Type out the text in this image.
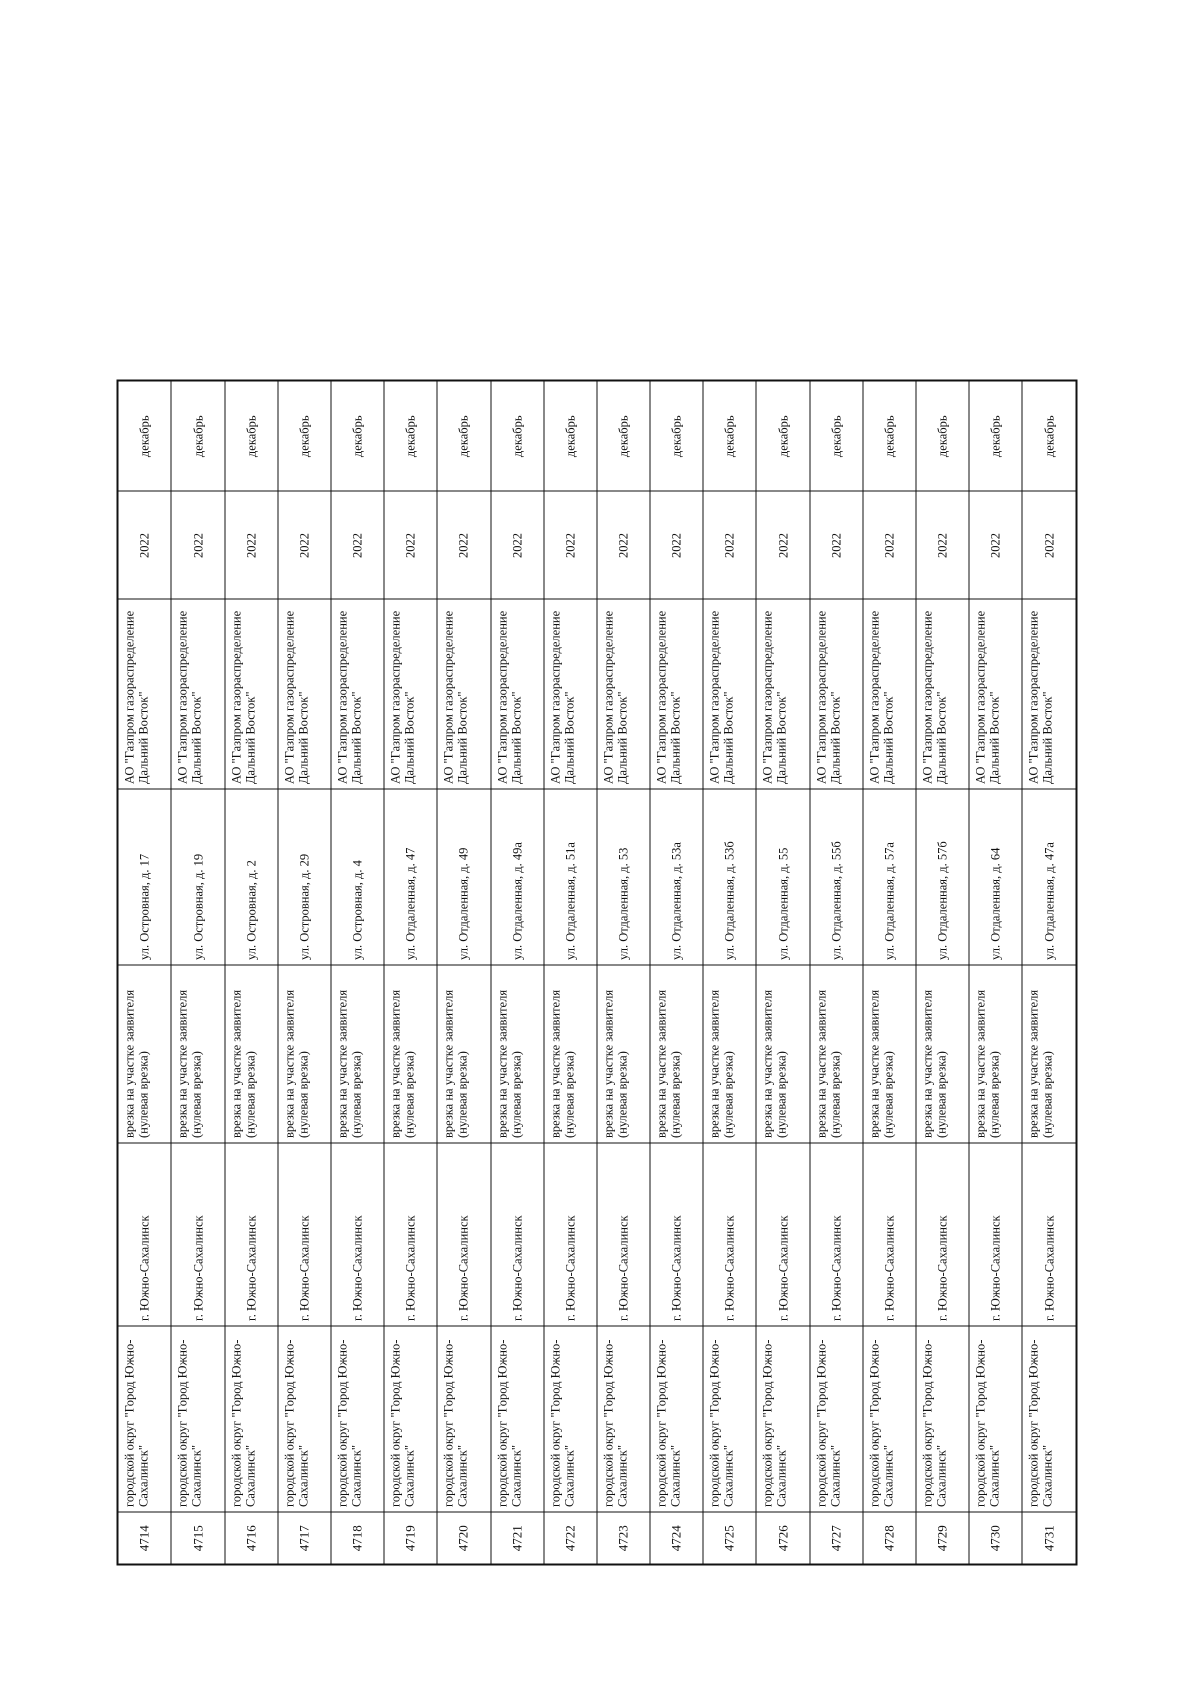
4714	городской округ "Город Южно-Сахалинск"	г. Южно-Сахалинск	врезка на участке заявителя (нулевая врезка)	ул. Островная, д. 17	АО "Газпром газораспределение Дальний Восток"	2022	декабрь
4715	городской округ "Город Южно-Сахалинск"	г. Южно-Сахалинск	врезка на участке заявителя (нулевая врезка)	ул. Островная, д. 19	АО "Газпром газораспределение Дальний Восток"	2022	декабрь
4716	городской округ "Город Южно-Сахалинск"	г. Южно-Сахалинск	врезка на участке заявителя (нулевая врезка)	ул. Островная, д. 2	АО "Газпром газораспределение Дальний Восток"	2022	декабрь
4717	городской округ "Город Южно-Сахалинск"	г. Южно-Сахалинск	врезка на участке заявителя (нулевая врезка)	ул. Островная, д. 29	АО "Газпром газораспределение Дальний Восток"	2022	декабрь
4718	городской округ "Город Южно-Сахалинск"	г. Южно-Сахалинск	врезка на участке заявителя (нулевая врезка)	ул. Островная, д. 4	АО "Газпром газораспределение Дальний Восток"	2022	декабрь
4719	городской округ "Город Южно-Сахалинск"	г. Южно-Сахалинск	врезка на участке заявителя (нулевая врезка)	ул. Отдаленная, д. 47	АО "Газпром газораспределение Дальний Восток"	2022	декабрь
4720	городской округ "Город Южно-Сахалинск"	г. Южно-Сахалинск	врезка на участке заявителя (нулевая врезка)	ул. Отдаленная, д. 49	АО "Газпром газораспределение Дальний Восток"	2022	декабрь
4721	городской округ "Город Южно-Сахалинск"	г. Южно-Сахалинск	врезка на участке заявителя (нулевая врезка)	ул. Отдаленная, д. 49а	АО "Газпром газораспределение Дальний Восток"	2022	декабрь
4722	городской округ "Город Южно-Сахалинск"	г. Южно-Сахалинск	врезка на участке заявителя (нулевая врезка)	ул. Отдаленная, д. 51а	АО "Газпром газораспределение Дальний Восток"	2022	декабрь
4723	городской округ "Город Южно-Сахалинск"	г. Южно-Сахалинск	врезка на участке заявителя (нулевая врезка)	ул. Отдаленная, д. 53	АО "Газпром газораспределение Дальний Восток"	2022	декабрь
4724	городской округ "Город Южно-Сахалинск"	г. Южно-Сахалинск	врезка на участке заявителя (нулевая врезка)	ул. Отдаленная, д. 53а	АО "Газпром газораспределение Дальний Восток"	2022	декабрь
4725	городской округ "Город Южно-Сахалинск"	г. Южно-Сахалинск	врезка на участке заявителя (нулевая врезка)	ул. Отдаленная, д. 53б	АО "Газпром газораспределение Дальний Восток"	2022	декабрь
4726	городской округ "Город Южно-Сахалинск"	г. Южно-Сахалинск	врезка на участке заявителя (нулевая врезка)	ул. Отдаленная, д. 55	АО "Газпром газораспределение Дальний Восток"	2022	декабрь
4727	городской округ "Город Южно-Сахалинск"	г. Южно-Сахалинск	врезка на участке заявителя (нулевая врезка)	ул. Отдаленная, д. 55б	АО "Газпром газораспределение Дальний Восток"	2022	декабрь
4728	городской округ "Город Южно-Сахалинск"	г. Южно-Сахалинск	врезка на участке заявителя (нулевая врезка)	ул. Отдаленная, д. 57а	АО "Газпром газораспределение Дальний Восток"	2022	декабрь
4729	городской округ "Город Южно-Сахалинск"	г. Южно-Сахалинск	врезка на участке заявителя (нулевая врезка)	ул. Отдаленная, д. 57б	АО "Газпром газораспределение Дальний Восток"	2022	декабрь
4730	городской округ "Город Южно-Сахалинск"	г. Южно-Сахалинск	врезка на участке заявителя (нулевая врезка)	ул. Отдаленная, д. 64	АО "Газпром газораспределение Дальний Восток"	2022	декабрь
4731	городской округ "Город Южно-Сахалинск"	г. Южно-Сахалинск	врезка на участке заявителя (нулевая врезка)	ул. Отдаленная, д. 47а	АО "Газпром газораспределение Дальний Восток"	2022	декабрь
